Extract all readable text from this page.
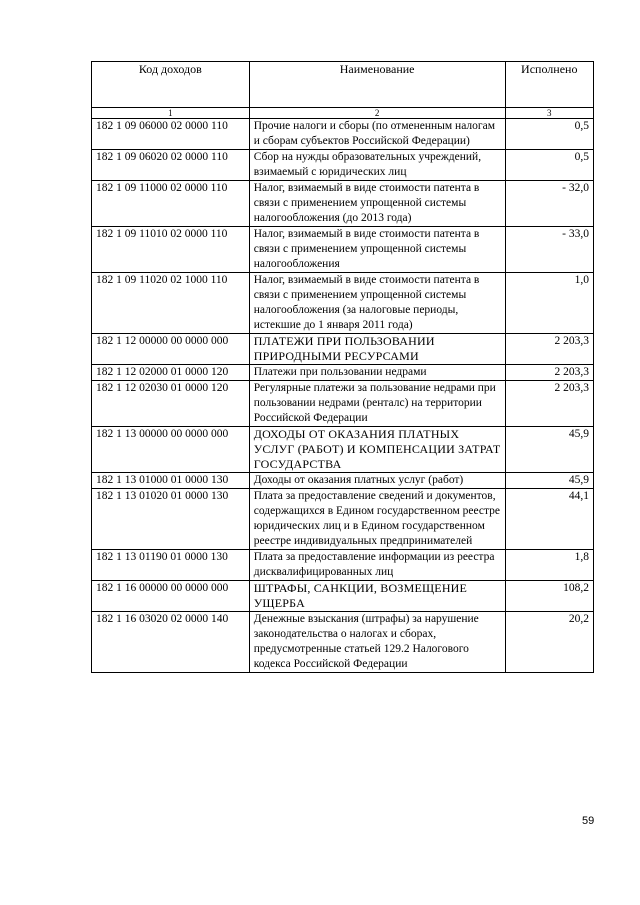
Код доходов	Наименование	Исполнено
1	2	3
182 1 09 06000 02 0000 110	Прочие налоги и сборы (по отмененным налогам и сборам субъектов Российской Федерации)	0,5
182 1 09 06020 02 0000 110	Сбор на нужды образовательных учреждений, взимаемый с юридических лиц	0,5
182 1 09 11000 02 0000 110	Налог, взимаемый в виде стоимости патента в связи с применением упрощенной системы налогообложения (до 2013 года)	- 32,0
182 1 09 11010 02 0000 110	Налог, взимаемый в виде стоимости патента в связи с применением упрощенной системы налогообложения	- 33,0
182 1 09 11020 02 1000 110	Налог, взимаемый в виде стоимости патента в связи с применением упрощенной системы налогообложения (за налоговые периоды, истекшие до 1 января 2011 года)	1,0
182 1 12 00000 00 0000 000	ПЛАТЕЖИ ПРИ ПОЛЬЗОВАНИИ ПРИРОДНЫМИ РЕСУРСАМИ	2 203,3
182 1 12 02000 01 0000 120	Платежи при пользовании недрами	2 203,3
182 1 12 02030 01 0000 120	Регулярные платежи за пользование недрами при пользовании недрами (ренталс) на территории Российской Федерации	2 203,3
182 1 13 00000 00 0000 000	ДОХОДЫ ОТ ОКАЗАНИЯ ПЛАТНЫХ УСЛУГ (РАБОТ) И КОМПЕНСАЦИИ ЗАТРАТ ГОСУДАРСТВА	45,9
182 1 13 01000 01 0000 130	Доходы от оказания платных услуг (работ)	45,9
182 1 13 01020 01 0000 130	Плата за предоставление сведений и документов, содержащихся в Едином государственном реестре юридических лиц и в Едином государственном реестре индивидуальных предпринимателей	44,1
182 1 13 01190 01 0000 130	Плата за предоставление информации из реестра дисквалифицированных лиц	1,8
182 1 16 00000 00 0000 000	ШТРАФЫ, САНКЦИИ, ВОЗМЕЩЕНИЕ УЩЕРБА	108,2
182 1 16 03020 02 0000 140	Денежные взыскания (штрафы) за нарушение законодательства о налогах и сборах, предусмотренные статьей 129.2 Налогового кодекса Российской Федерации	20,2
59
